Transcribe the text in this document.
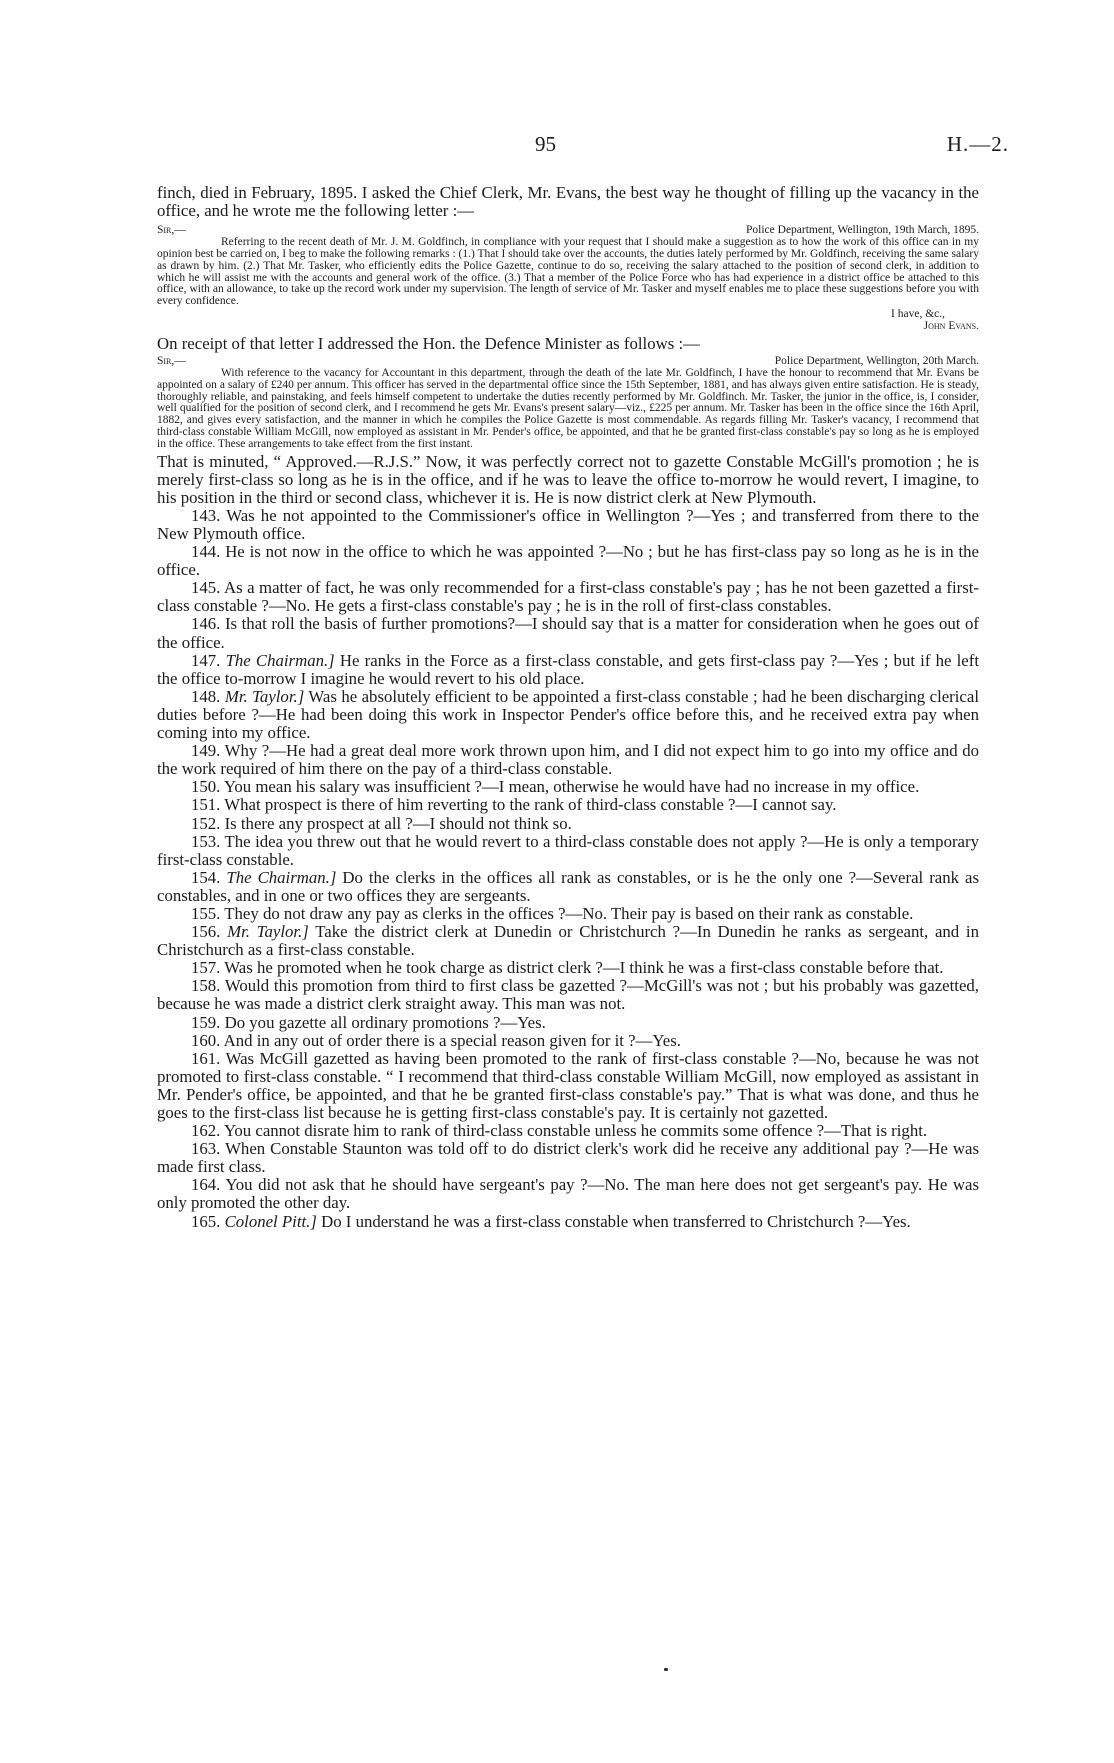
95	H.—2.

finch, died in February, 1895. I asked the Chief Clerk, Mr. Evans, the best way he thought of filling up the vacancy in the office, and he wrote me the following letter :—

Sir,—	Police Department, Wellington, 19th March, 1895.

Referring to the recent death of Mr. J. M. Goldfinch, in compliance with your request that I should make a suggestion as to how the work of this office can in my opinion best be carried on, I beg to make the following remarks : (1.) That I should take over the accounts, the duties lately performed by Mr. Goldfinch, receiving the same salary as drawn by him. (2.) That Mr. Tasker, who efficiently edits the Police Gazette, continue to do so, receiving the salary attached to the position of second clerk, in addition to which he will assist me with the accounts and general work of the office. (3.) That a member of the Police Force who has had experience in a district office be attached to this office, with an allowance, to take up the record work under my supervision. The length of service of Mr. Tasker and myself enables me to place these suggestions before you with every confidence.

I have, &c.,

John Evans.

On receipt of that letter I addressed the Hon. the Defence Minister as follows :—

Sir,—	Police Department, Wellington, 20th March.

With reference to the vacancy for Accountant in this department, through the death of the late Mr. Goldfinch, I have the honour to recommend that Mr. Evans be appointed on a salary of £240 per annum. This officer has served in the departmental office since the 15th September, 1881, and has always given entire satisfaction. He is steady, thoroughly reliable, and painstaking, and feels himself competent to undertake the duties recently performed by Mr. Goldfinch. Mr. Tasker, the junior in the office, is, I consider, well qualified for the position of second clerk, and I recommend he gets Mr. Evans's present salary—viz., £225 per annum. Mr. Tasker has been in the office since the 16th April, 1882, and gives every satisfaction, and the manner in which he compiles the Police Gazette is most commendable. As regards filling Mr. Tasker's vacancy, I recommend that third-class constable William McGill, now employed as assistant in Mr. Pender's office, be appointed, and that he be granted first-class constable's pay so long as he is employed in the office. These arrangements to take effect from the first instant.

That is minuted, “ Approved.—R.J.S.” Now, it was perfectly correct not to gazette Constable McGill's promotion ; he is merely first-class so long as he is in the office, and if he was to leave the office to-morrow he would revert, I imagine, to his position in the third or second class, whichever it is. He is now district clerk at New Plymouth.

143. Was he not appointed to the Commissioner's office in Wellington ?—Yes ; and transferred from there to the New Plymouth office.

144. He is not now in the office to which he was appointed ?—No ; but he has first-class pay so long as he is in the office.

145. As a matter of fact, he was only recommended for a first-class constable's pay ; has he not been gazetted a first-class constable ?—No. He gets a first-class constable's pay ; he is in the roll of first-class constables.

146. Is that roll the basis of further promotions?—I should say that is a matter for consideration when he goes out of the office.

147. The Chairman.] He ranks in the Force as a first-class constable, and gets first-class pay ?—Yes ; but if he left the office to-morrow I imagine he would revert to his old place.

148. Mr. Taylor.] Was he absolutely efficient to be appointed a first-class constable ; had he been discharging clerical duties before ?—He had been doing this work in Inspector Pender's office before this, and he received extra pay when coming into my office.

149. Why ?—He had a great deal more work thrown upon him, and I did not expect him to go into my office and do the work required of him there on the pay of a third-class constable.

150. You mean his salary was insufficient ?—I mean, otherwise he would have had no increase in my office.

151. What prospect is there of him reverting to the rank of third-class constable ?—I cannot say.

152. Is there any prospect at all ?—I should not think so.

153. The idea you threw out that he would revert to a third-class constable does not apply ?—He is only a temporary first-class constable.

154. The Chairman.] Do the clerks in the offices all rank as constables, or is he the only one ?—Several rank as constables, and in one or two offices they are sergeants.

155. They do not draw any pay as clerks in the offices ?—No. Their pay is based on their rank as constable.

156. Mr. Taylor.] Take the district clerk at Dunedin or Christchurch ?—In Dunedin he ranks as sergeant, and in Christchurch as a first-class constable.

157. Was he promoted when he took charge as district clerk ?—I think he was a first-class constable before that.

158. Would this promotion from third to first class be gazetted ?—McGill's was not ; but his probably was gazetted, because he was made a district clerk straight away. This man was not.

159. Do you gazette all ordinary promotions ?—Yes.

160. And in any out of order there is a special reason given for it ?—Yes.

161. Was McGill gazetted as having been promoted to the rank of first-class constable ?—No, because he was not promoted to first-class constable. “ I recommend that third-class constable William McGill, now employed as assistant in Mr. Pender's office, be appointed, and that he be granted first-class constable's pay.” That is what was done, and thus he goes to the first-class list because he is getting first-class constable's pay. It is certainly not gazetted.

162. You cannot disrate him to rank of third-class constable unless he commits some offence ?—That is right.

163. When Constable Staunton was told off to do district clerk's work did he receive any additional pay ?—He was made first class.

164. You did not ask that he should have sergeant's pay ?—No. The man here does not get sergeant's pay. He was only promoted the other day.

165. Colonel Pitt.] Do I understand he was a first-class constable when transferred to Christchurch ?—Yes.
